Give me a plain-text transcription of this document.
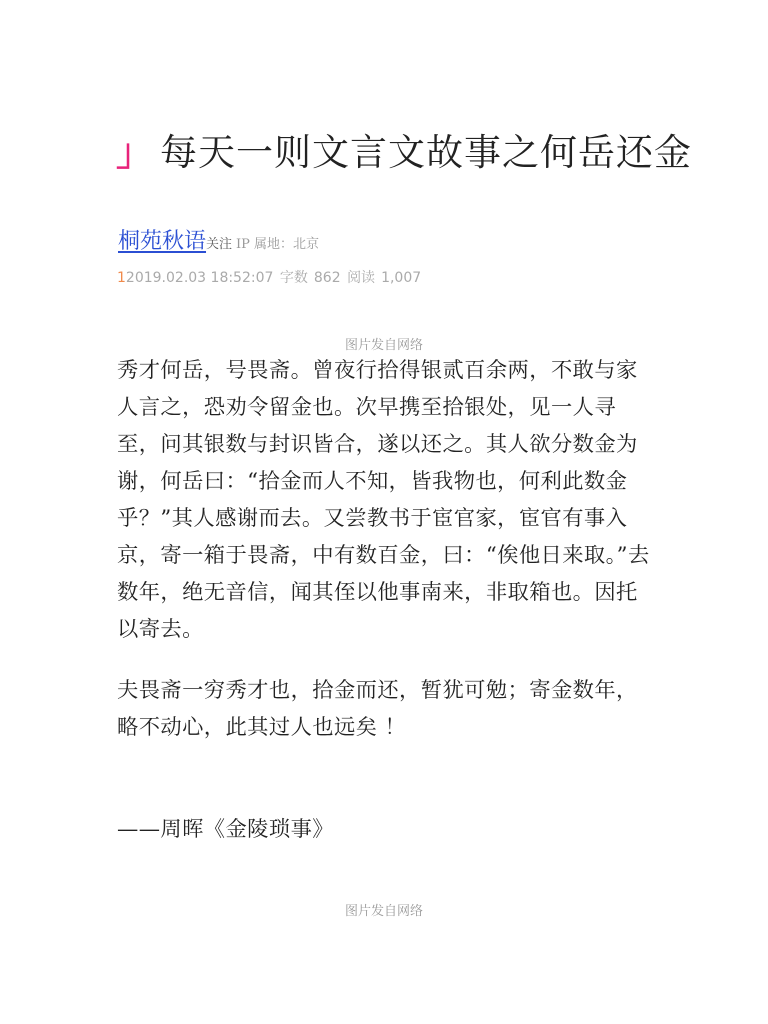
」 每天一则文言文故事之何岳还金
桐苑秋语关注 IP 属地：北京
12019.02.03 18:52:07 字数 862 阅读 1,007
图片发自网络

秀才何岳，号畏斋。曾夜行拾得银贰百余两，不敢与家人言之，恐劝令留金也。次早携至拾银处，见一人寻至，问其银数与封识皆合，遂以还之。其人欲分数金为谢，何岳曰：“拾金而人不知，皆我物也，何利此数金乎？”其人感谢而去。又尝教书于宦官家，宦官有事入京，寄一箱于畏斋，中有数百金，曰：“俟他日来取。”去数年，绝无音信，闻其侄以他事南来，非取箱也。因托以寄去。

夫畏斋一穷秀才也，拾金而还，暂犹可勉；寄金数年，略不动心，此其过人也远矣 ！

——周晖《金陵琐事》
图片发自网络
